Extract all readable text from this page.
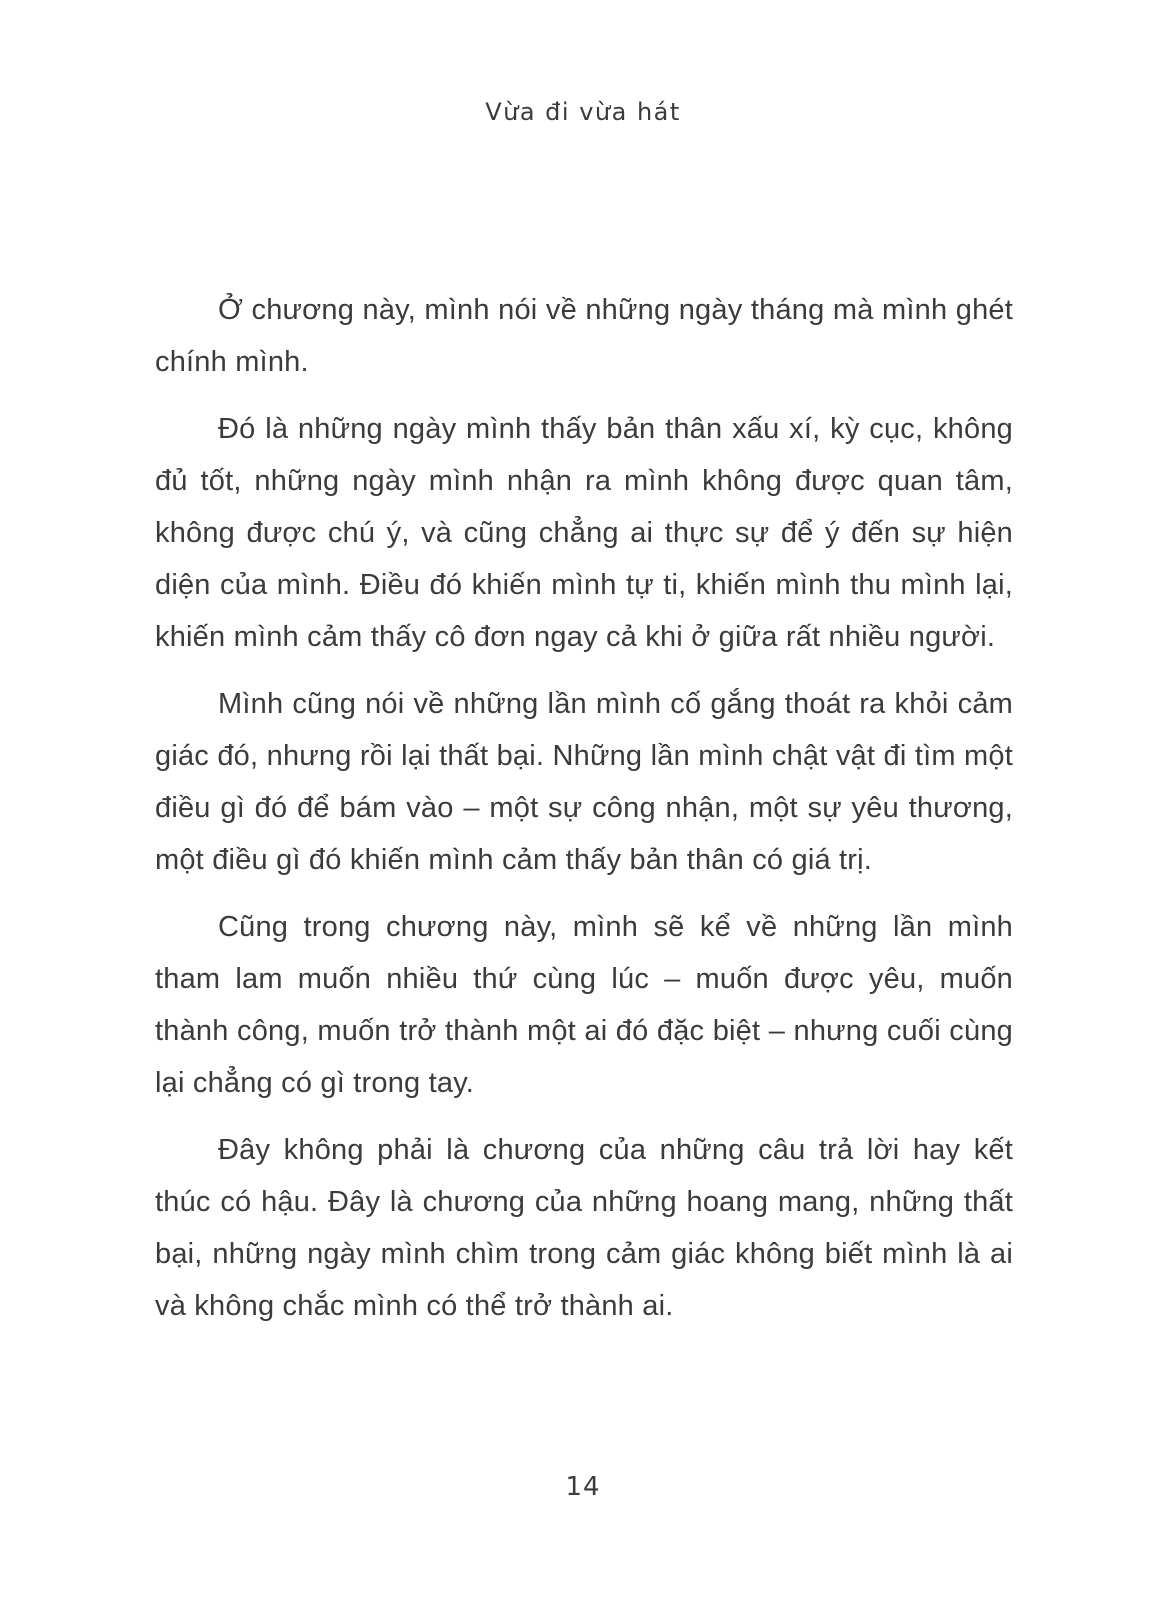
Vừa đi vừa hát

Ở chương này, mình nói về những ngày tháng mà mình ghét chính mình.

Đó là những ngày mình thấy bản thân xấu xí, kỳ cục, không đủ tốt, những ngày mình nhận ra mình không được quan tâm, không được chú ý, và cũng chẳng ai thực sự để ý đến sự hiện diện của mình. Điều đó khiến mình tự ti, khiến mình thu mình lại, khiến mình cảm thấy cô đơn ngay cả khi ở giữa rất nhiều người.

Mình cũng nói về những lần mình cố gắng thoát ra khỏi cảm giác đó, nhưng rồi lại thất bại. Những lần mình chật vật đi tìm một điều gì đó để bám vào – một sự công nhận, một sự yêu thương, một điều gì đó khiến mình cảm thấy bản thân có giá trị.

Cũng trong chương này, mình sẽ kể về những lần mình tham lam muốn nhiều thứ cùng lúc – muốn được yêu, muốn thành công, muốn trở thành một ai đó đặc biệt – nhưng cuối cùng lại chẳng có gì trong tay.

Đây không phải là chương của những câu trả lời hay kết thúc có hậu. Đây là chương của những hoang mang, những thất bại, những ngày mình chìm trong cảm giác không biết mình là ai và không chắc mình có thể trở thành ai.

14
